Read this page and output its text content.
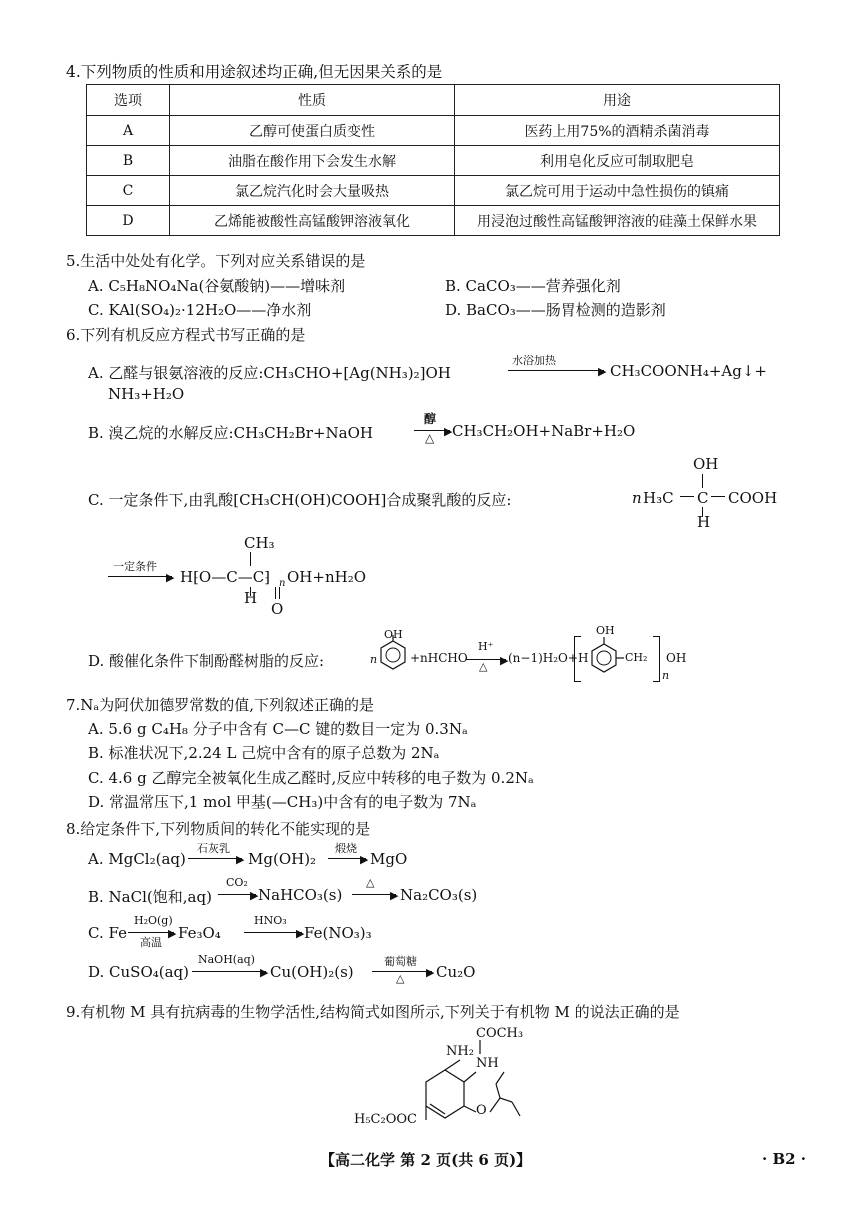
4.下列物质的性质和用途叙述均正确,但无因果关系的是
选项	性质	用途
A	乙醇可使蛋白质变性	医药上用75%的酒精杀菌消毒
B	油脂在酸作用下会发生水解	利用皂化反应可制取肥皂
C	氯乙烷汽化时会大量吸热	氯乙烷可用于运动中急性损伤的镇痛
D	乙烯能被酸性高锰酸钾溶液氧化	用浸泡过酸性高锰酸钾溶液的硅藻土保鲜水果
5.生活中处处有化学。下列对应关系错误的是
A. C₅H₈NO₄Na(谷氨酸钠)——增味剂	B. CaCO₃——营养强化剂
C. KAl(SO₄)₂·12H₂O——净水剂	D. BaCO₃——肠胃检测的造影剂
6.下列有机反应方程式书写正确的是
A. 乙醛与银氨溶液的反应:CH₃CHO+[Ag(NH₃)₂]OH	▶
水浴加热
CH₃COONH₄+Ag↓+
NH₃+H₂O
B. 溴乙烷的水解反应:CH₃CH₂Br+NaOH	▶
醇
△ CH₃CH₂OH+NaBr+H₂O
C. 一定条件下,由乳酸[CH₃CH(OH)COOH]合成聚乳酸的反应:	n H₃C C COOH
OH
H
▶
一定条件
H⁅O—C—C⁆ n OH+nH₂O
CH₃
H
O
D. 酸催化条件下制酚醛树脂的反应:	n
OH
+nHCHO	▶
H⁺
△
(n−1)H₂O+H
OH
CH₂
n
OH
7.Nₐ为阿伏加德罗常数的值,下列叙述正确的是
A. 5.6 g C₄H₈ 分子中含有 C—C 键的数目一定为 0.3Nₐ
B. 标准状况下,2.24 L 己烷中含有的原子总数为 2Nₐ
C. 4.6 g 乙醇完全被氧化生成乙醛时,反应中转移的电子数为 0.2Nₐ
D. 常温常压下,1 mol 甲基(—CH₃)中含有的电子数为 7Nₐ
8.给定条件下,下列物质间的转化不能实现的是
A. MgCl₂(aq)	▶
石灰乳
Mg(OH)₂	▶
煅烧
MgO
B. NaCl(饱和,aq)	▶
CO₂
NaHCO₃(s)	▶
△
Na₂CO₃(s)
C. Fe	▶
H₂O(g)
高温
Fe₃O₄	▶
HNO₃
Fe(NO₃)₃
D. CuSO₄(aq)	▶
NaOH(aq)
Cu(OH)₂(s)	▶
葡萄糖
△ Cu₂O
9.有机物 M 具有抗病毒的生物学活性,结构简式如图所示,下列关于有机物 M 的说法正确的是
COCH₃
NH₂
NH
O
H₅C₂OOC
【高二化学 第 2 页(共 6 页)】	· B2 ·
